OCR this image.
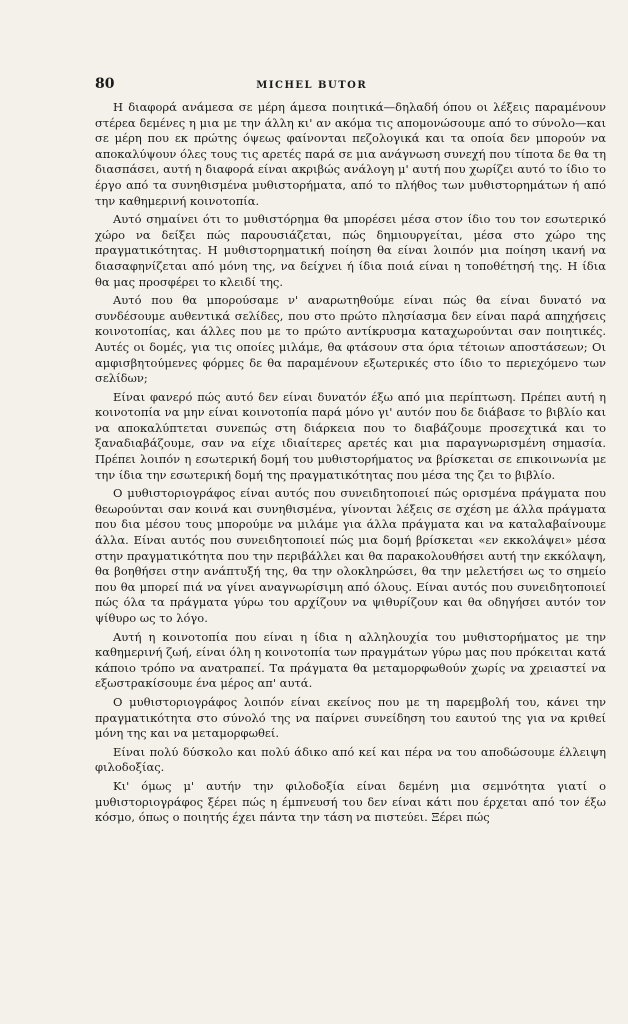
80	MICHEL BUTOR

Η διαφορά ανάμεσα σε μέρη άμεσα ποιητικά—δηλαδή όπου οι λέξεις παραμένουν στέρεα δεμένες η μια με την άλλη κι' αν ακόμα τις απομονώσουμε από το σύνολο—και σε μέρη που εκ πρώτης όψεως φαίνονται πεζολογικά και τα οποία δεν μπορούν να αποκαλύψουν όλες τους τις αρετές παρά σε μια ανάγνωση συνεχή που τίποτα δε θα τη διασπάσει, αυτή η διαφορά είναι ακριβώς ανάλογη μ' αυτή που χωρίζει αυτό το ίδιο το έργο από τα συνηθισμένα μυθιστορήματα, από το πλήθος των μυθιστορημάτων ή από την καθημερινή κοινοτοπία.

Αυτό σημαίνει ότι το μυθιστόρημα θα μπορέσει μέσα στον ίδιο του τον εσωτερικό χώρο να δείξει πώς παρουσιάζεται, πώς δημιουργείται, μέσα στο χώρο της πραγματικότητας. Η μυθιστορηματική ποίηση θα είναι λοιπόν μια ποίηση ικανή να διασαφηνίζεται από μόνη της, να δείχνει ή ίδια ποιά είναι η τοποθέτησή της. Η ίδια θα μας προσφέρει το κλειδί της.

Αυτό που θα μπορούσαμε ν' αναρωτηθούμε είναι πώς θα είναι δυνατό να συνδέσουμε αυθεντικά σελίδες, που στο πρώτο πλησίασμα δεν είναι παρά απηχήσεις κοινοτοπίας, και άλλες που με το πρώτο αντίκρυσμα καταχωρούνται σαν ποιητικές. Αυτές οι δομές, για τις οποίες μιλάμε, θα φτάσουν στα όρια τέτοιων αποστάσεων; Οι αμφισβητούμενες φόρμες δε θα παραμένουν εξωτερικές στο ίδιο το περιεχόμενο των σελίδων;

Είναι φανερό πώς αυτό δεν είναι δυνατόν έξω από μια περίπτωση. Πρέπει αυτή η κοινοτοπία να μην είναι κοινοτοπία παρά μόνο γι' αυτόν που δε διάβασε το βιβλίο και να αποκαλύπτεται συνεπώς στη διάρκεια που το διαβάζουμε προσεχτικά και το ξαναδιαβάζουμε, σαν να είχε ιδιαίτερες αρετές και μια παραγνωρισμένη σημασία. Πρέπει λοιπόν η εσωτερική δομή του μυθιστορήματος να βρίσκεται σε επικοινωνία με την ίδια την εσωτερική δομή της πραγματικότητας που μέσα της ζει το βιβλίο.

Ο μυθιστοριογράφος είναι αυτός που συνειδητοποιεί πώς ορισμένα πράγματα που θεωρούνται σαν κοινά και συνηθισμένα, γίνονται λέξεις σε σχέση με άλλα πράγματα που δια μέσου τους μπορούμε να μιλάμε για άλλα πράγματα και να καταλαβαίνουμε άλλα. Είναι αυτός που συνειδητοποιεί πώς μια δομή βρίσκεται «εν εκκολάψει» μέσα στην πραγματικότητα που την περιβάλλει και θα παρακολουθήσει αυτή την εκκόλαψη, θα βοηθήσει στην ανάπτυξή της, θα την ολοκληρώσει, θα την μελετήσει ως το σημείο που θα μπορεί πιά να γίνει αναγνωρίσιμη από όλους. Είναι αυτός που συνειδητοποιεί πώς όλα τα πράγματα γύρω του αρχίζουν να ψιθυρίζουν και θα οδηγήσει αυτόν τον ψίθυρο ως το λόγο.

Αυτή η κοινοτοπία που είναι η ίδια η αλληλουχία του μυθιστορήματος με την καθημερινή ζωή, είναι όλη η κοινοτοπία των πραγμάτων γύρω μας που πρόκειται κατά κάποιο τρόπο να ανατραπεί. Τα πράγματα θα μεταμορφωθούν χωρίς να χρειαστεί να εξωστρακίσουμε ένα μέρος απ' αυτά.

Ο μυθιστοριογράφος λοιπόν είναι εκείνος που με τη παρεμβολή του, κάνει την πραγματικότητα στο σύνολό της να παίρνει συνείδηση του εαυτού της για να κριθεί μόνη της και να μεταμορφωθεί.

Είναι πολύ δύσκολο και πολύ άδικο από κεί και πέρα να του αποδώσουμε έλλειψη φιλοδοξίας.

Κι' όμως μ' αυτήν την φιλοδοξία είναι δεμένη μια σεμνότητα γιατί ο μυθιστοριογράφος ξέρει πώς η έμπνευσή του δεν είναι κάτι που έρχεται από τον έξω κόσμο, όπως ο ποιητής έχει πάντα την τάση να πιστεύει. Ξέρει πώς
